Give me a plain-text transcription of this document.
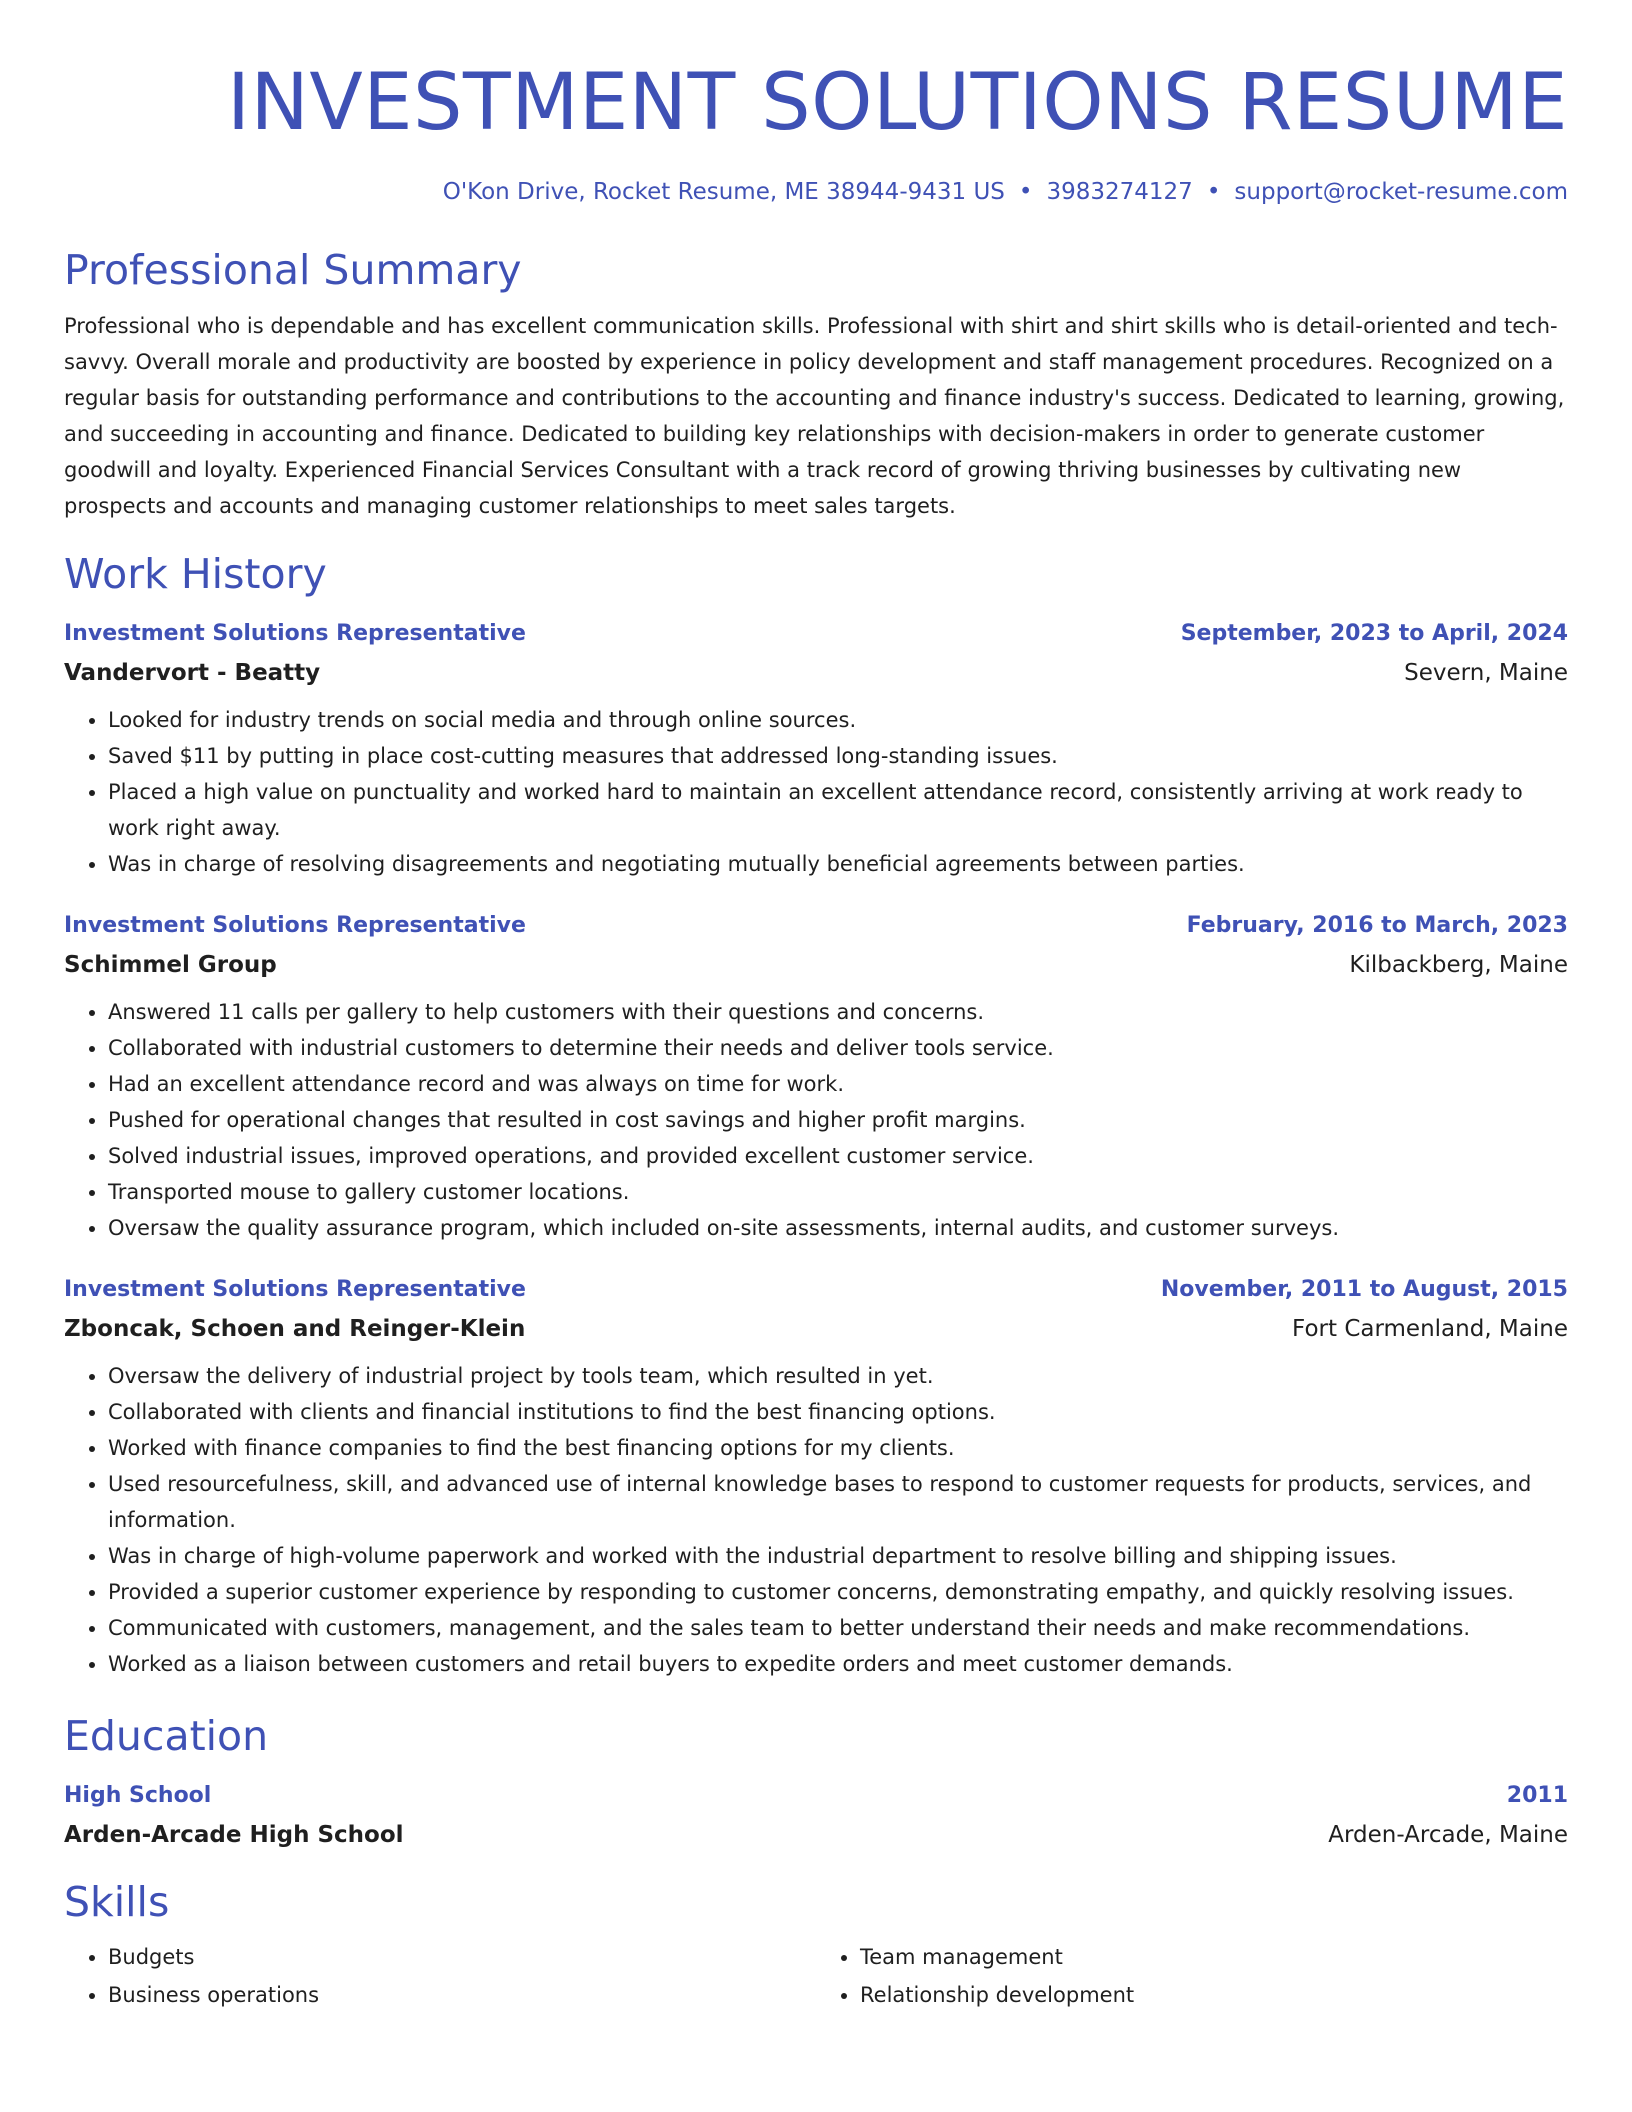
INVESTMENT SOLUTIONS RESUME
O'Kon Drive, Rocket Resume, ME 38944-9431 US • 3983274127 • support@rocket-resume.com
Professional Summary

Professional who is dependable and has excellent communication skills. Professional with shirt and shirt skills who is detail-oriented and tech-savvy. Overall morale and productivity are boosted by experience in policy development and staff management procedures. Recognized on a regular basis for outstanding performance and contributions to the accounting and finance industry's success. Dedicated to learning, growing, and succeeding in accounting and finance. Dedicated to building key relationships with decision-makers in order to generate customer goodwill and loyalty. Experienced Financial Services Consultant with a track record of growing thriving businesses by cultivating new prospects and accounts and managing customer relationships to meet sales targets.

Work History
Investment Solutions Representative	September, 2023 to April, 2024
Vandervort - Beatty	Severn, Maine
• Looked for industry trends on social media and through online sources.
• Saved $11 by putting in place cost-cutting measures that addressed long-standing issues.
• Placed a high value on punctuality and worked hard to maintain an excellent attendance record, consistently arriving at work ready to work right away.
• Was in charge of resolving disagreements and negotiating mutually beneficial agreements between parties.
Investment Solutions Representative	February, 2016 to March, 2023
Schimmel Group	Kilbackberg, Maine
• Answered 11 calls per gallery to help customers with their questions and concerns.
• Collaborated with industrial customers to determine their needs and deliver tools service.
• Had an excellent attendance record and was always on time for work.
• Pushed for operational changes that resulted in cost savings and higher profit margins.
• Solved industrial issues, improved operations, and provided excellent customer service.
• Transported mouse to gallery customer locations.
• Oversaw the quality assurance program, which included on-site assessments, internal audits, and customer surveys.
Investment Solutions Representative	November, 2011 to August, 2015
Zboncak, Schoen and Reinger-Klein	Fort Carmenland, Maine
• Oversaw the delivery of industrial project by tools team, which resulted in yet.
• Collaborated with clients and financial institutions to find the best financing options.
• Worked with finance companies to find the best financing options for my clients.
• Used resourcefulness, skill, and advanced use of internal knowledge bases to respond to customer requests for products, services, and information.
• Was in charge of high-volume paperwork and worked with the industrial department to resolve billing and shipping issues.
• Provided a superior customer experience by responding to customer concerns, demonstrating empathy, and quickly resolving issues.
• Communicated with customers, management, and the sales team to better understand their needs and make recommendations.
• Worked as a liaison between customers and retail buyers to expedite orders and meet customer demands.
Education
High School	2011
Arden-Arcade High School	Arden-Arcade, Maine
Skills
• Budgets
• Business operations
• Team management
• Relationship development
